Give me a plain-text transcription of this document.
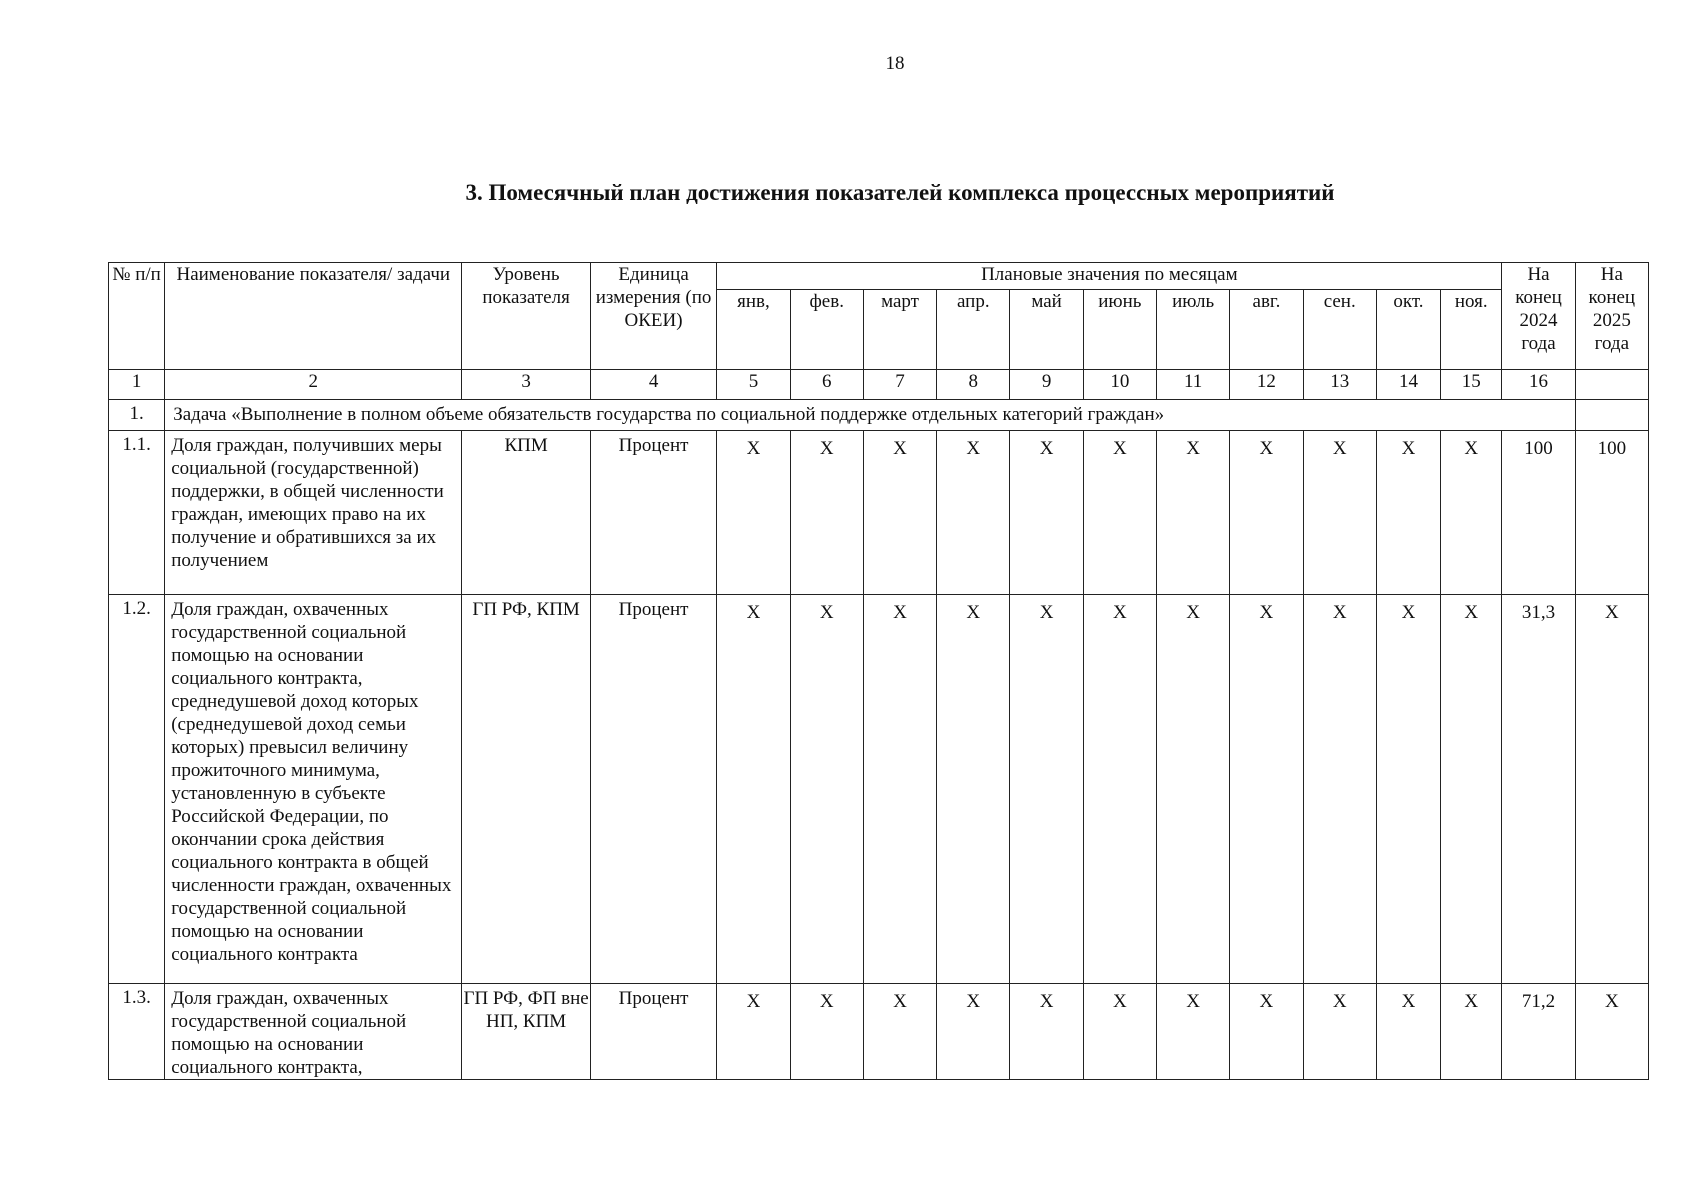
18
3. Помесячный план достижения показателей комплекса процессных мероприятий
№ п/п	Наименование показателя/ задачи	Уровень показателя	Единица измерения (по ОКЕИ)	Плановые значения по месяцам											На конец 2024 года	На конец 2025 года
				янв,	фев.	март	апр.	май	июнь	июль	авг.	сен.	окт.	ноя.		
1	2	3	4	5	6	7	8	9	10	11	12	13	14	15	16	
1.	Задача «Выполнение в полном объеме обязательств государства по социальной поддержке отдельных категорий граждан»															
1.1.	Доля граждан, получивших меры социальной (государственной) поддержки, в общей численности граждан, имеющих право на их получение и обратившихся за их получением	КПМ	Процент	X	X	X	X	X	X	X	X	X	X	X	100	100
1.2.	Доля граждан, охваченных государственной социальной помощью на основании социального контракта, среднедушевой доход которых (среднедушевой доход семьи которых) превысил величину прожиточного минимума, установленную в субъекте Российской Федерации, по окончании срока действия социального контракта в общей численности граждан, охваченных государственной социальной помощью на основании социального контракта	ГП РФ, КПМ	Процент	X	X	X	X	X	X	X	X	X	X	X	31,3	X
1.3.	Доля граждан, охваченных государственной социальной помощью на основании социального контракта,	ГП РФ, ФП вне НП, КПМ	Процент	X	X	X	X	X	X	X	X	X	X	X	71,2	X
